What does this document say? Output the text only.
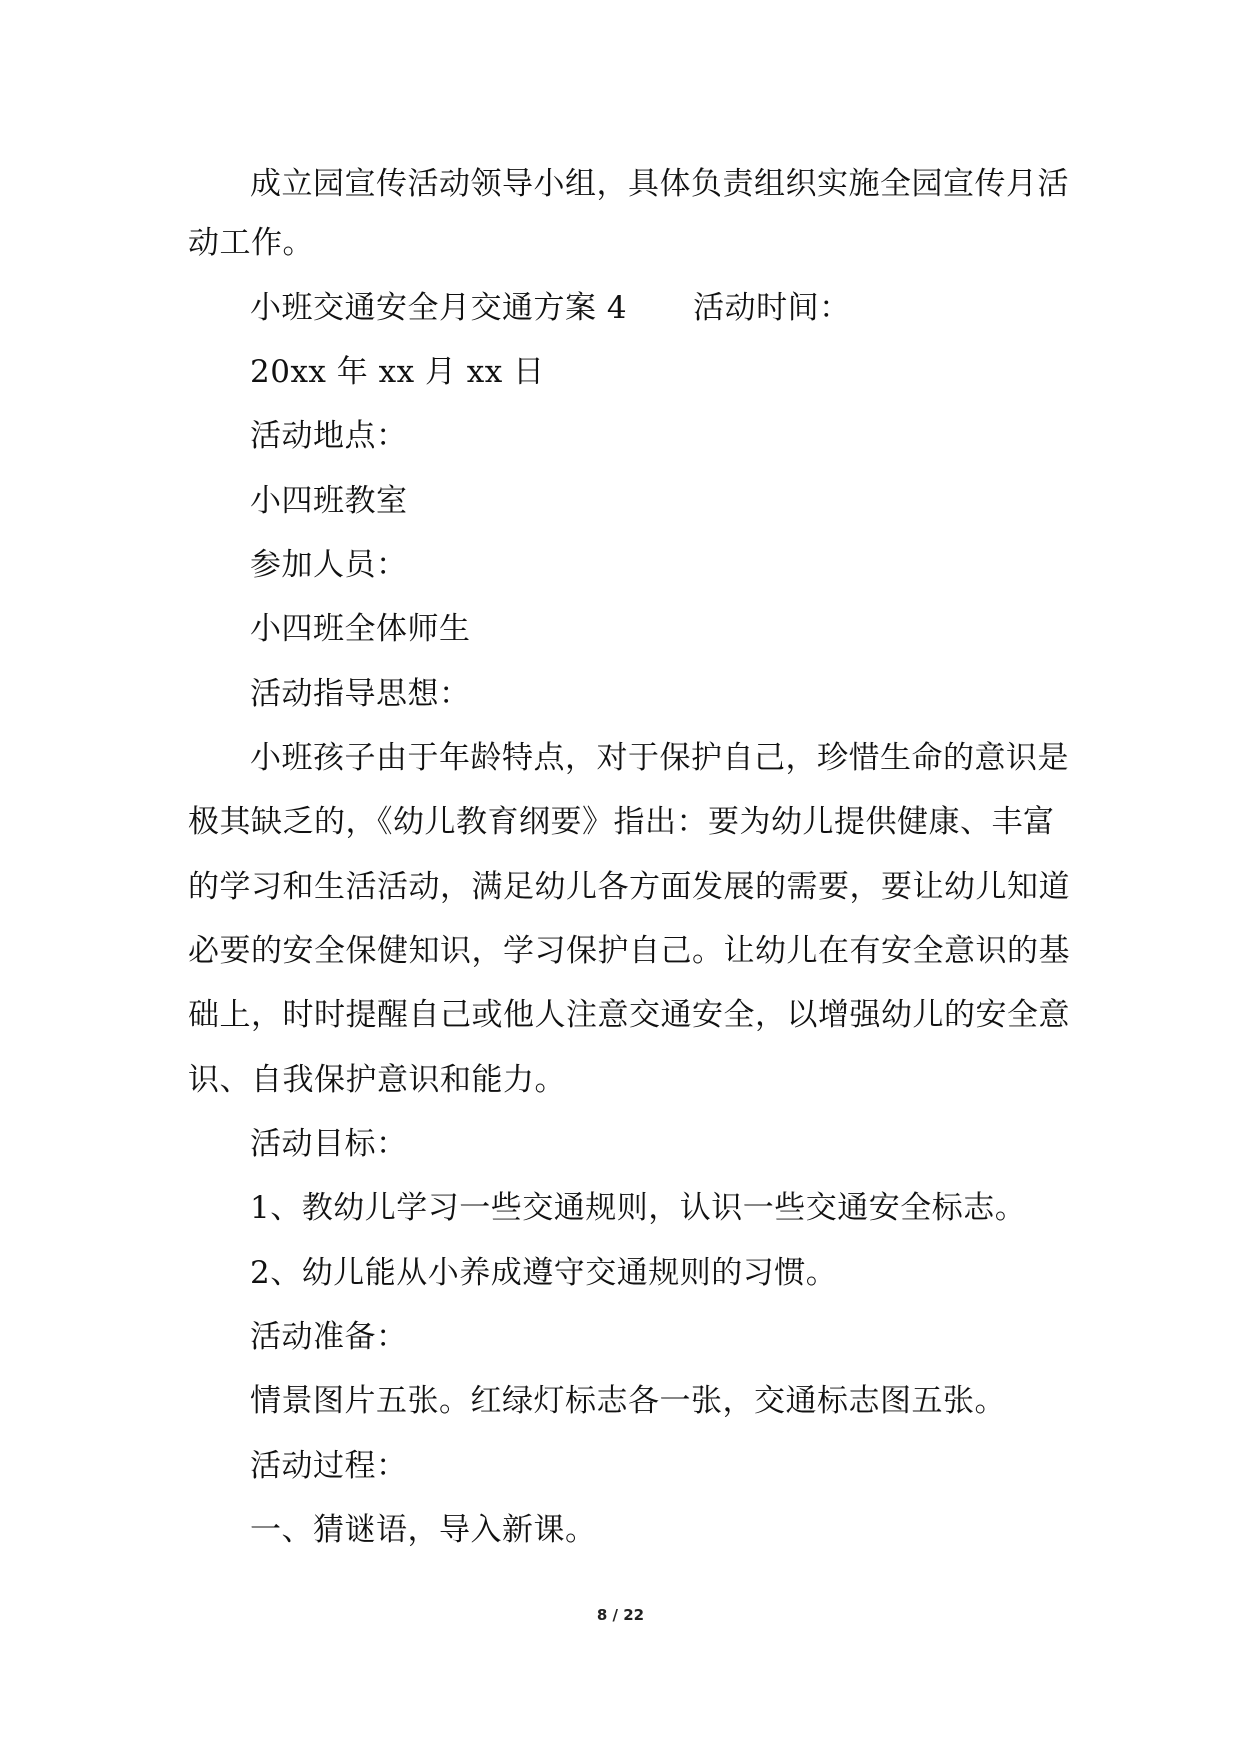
成立园宣传活动领导小组，具体负责组织实施全园宣传月活
动工作。
小班交通安全月交通方案 4 活动时间：
20xx 年 xx 月 xx 日
活动地点：
小四班教室
参加人员：
小四班全体师生
活动指导思想：
小班孩子由于年龄特点，对于保护自己，珍惜生命的意识是
极其缺乏的，《幼儿教育纲要》指出：要为幼儿提供健康、丰富
的学习和生活活动，满足幼儿各方面发展的需要，要让幼儿知道
必要的安全保健知识，学习保护自己。让幼儿在有安全意识的基
础上，时时提醒自己或他人注意交通安全，以增强幼儿的安全意
识、自我保护意识和能力。
活动目标：
1、教幼儿学习一些交通规则，认识一些交通安全标志。
2、幼儿能从小养成遵守交通规则的习惯。
活动准备：
情景图片五张。红绿灯标志各一张，交通标志图五张。
活动过程：
一、猜谜语，导入新课。
8 / 22
